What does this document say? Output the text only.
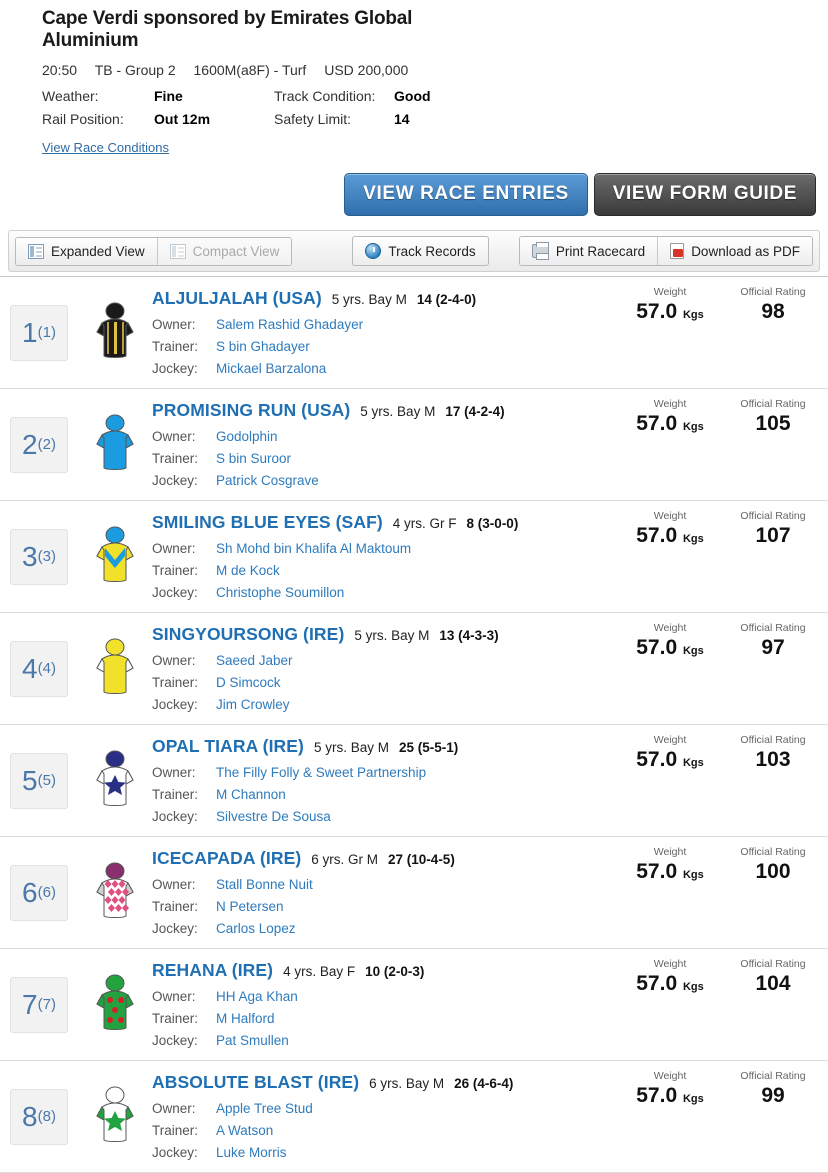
Cape Verdi sponsored by Emirates Global Aluminium
20:50 TB - Group 2 1600M(a8F) - Turf USD 200,000
Weather:	Fine
Rail Position:	Out 12m
Track Condition:	Good
Safety Limit:	14
View Race Conditions
VIEW RACE ENTRIES	VIEW FORM GUIDE
Expanded View	Compact View	Track Records	Print Racecard	Download as PDF
1 (1)
ALJULJALAH (USA) 5 yrs. Bay M 14 (2-4-0)
Owner:	Salem Rashid Ghadayer
Trainer:	S bin Ghadayer
Jockey:	Mickael Barzalona
Weight
57.0 Kgs
Official Rating
98
2 (2)
PROMISING RUN (USA) 5 yrs. Bay M 17 (4-2-4)
Owner:	Godolphin
Trainer:	S bin Suroor
Jockey:	Patrick Cosgrave
Weight
57.0 Kgs
Official Rating
105
3 (3)
SMILING BLUE EYES (SAF) 4 yrs. Gr F 8 (3-0-0)
Owner:	Sh Mohd bin Khalifa Al Maktoum
Trainer:	M de Kock
Jockey:	Christophe Soumillon
Weight
57.0 Kgs
Official Rating
107
4 (4)
SINGYOURSONG (IRE) 5 yrs. Bay M 13 (4-3-3)
Owner:	Saeed Jaber
Trainer:	D Simcock
Jockey:	Jim Crowley
Weight
57.0 Kgs
Official Rating
97
5 (5)
OPAL TIARA (IRE) 5 yrs. Bay M 25 (5-5-1)
Owner:	The Filly Folly & Sweet Partnership
Trainer:	M Channon
Jockey:	Silvestre De Sousa
Weight
57.0 Kgs
Official Rating
103
6 (6)
ICECAPADA (IRE) 6 yrs. Gr M 27 (10-4-5)
Owner:	Stall Bonne Nuit
Trainer:	N Petersen
Jockey:	Carlos Lopez
Weight
57.0 Kgs
Official Rating
100
7 (7)
REHANA (IRE) 4 yrs. Bay F 10 (2-0-3)
Owner:	HH Aga Khan
Trainer:	M Halford
Jockey:	Pat Smullen
Weight
57.0 Kgs
Official Rating
104
8 (8)
ABSOLUTE BLAST (IRE) 6 yrs. Bay M 26 (4-6-4)
Owner:	Apple Tree Stud
Trainer:	A Watson
Jockey:	Luke Morris
Weight
57.0 Kgs
Official Rating
99
